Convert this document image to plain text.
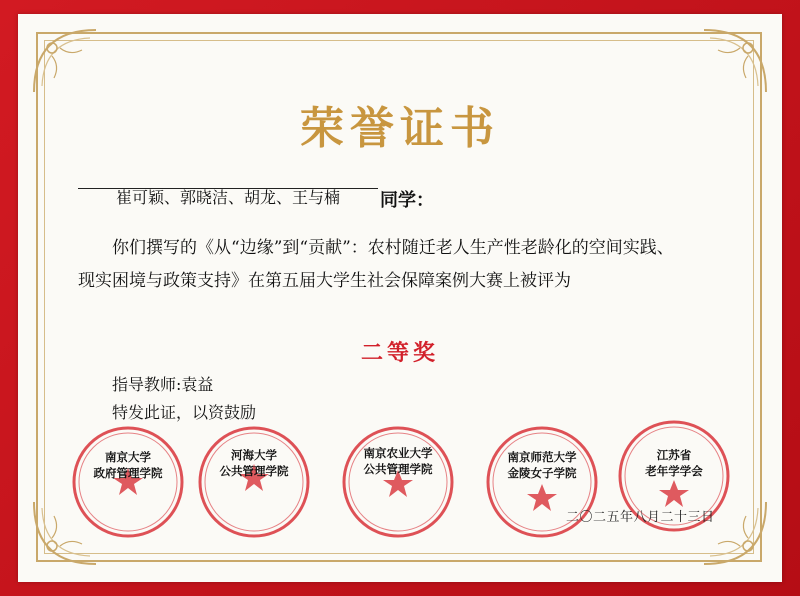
荣誉证书
崔可颖、郭晓洁、胡龙、王与楠	同学：
你们撰写的《从“边缘”到“贡献”：农村随迁老人生产性老龄化的空间实践、
现实困境与政策支持》在第五届大学生社会保障案例大赛上被评为
二等奖
指导教师:袁益
特发此证，以资鼓励
南京大学
政府管理学院
河海大学
公共管理学院
南京农业大学
公共管理学院
南京师范大学
金陵女子学院
江苏省
老年学学会
二〇二五年八月二十三日
